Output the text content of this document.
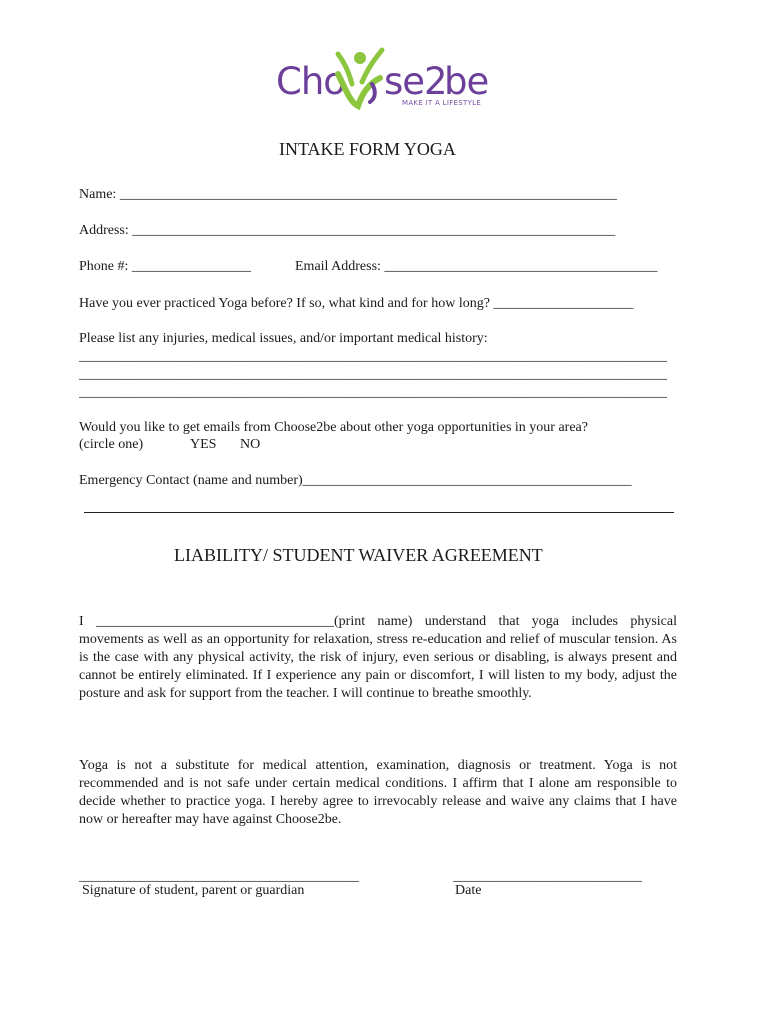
Cho se2
be
MAKE IT A LIFESTYLE
INTAKE FORM YOGA
Name: _______________________________________________________________________
Address: _____________________________________________________________________
Phone #: _________________	Email Address: _______________________________________
Have you ever practiced Yoga before? If so, what kind and for how long? ____________________
Please list any injuries, medical issues, and/or important medical history:
____________________________________________________________________________________
____________________________________________________________________________________
____________________________________________________________________________________
Would you like to get emails from Choose2be about other yoga opportunities in your area?
(circle one)	YES NO
Emergency Contact (name and number)_______________________________________________
LIABILITY/ STUDENT WAIVER AGREEMENT
I __________________________________(print name) understand that yoga includes physical movements as well as an opportunity for relaxation, stress re-education and relief of muscular tension. As is the case with any physical activity, the risk of injury, even serious or disabling, is always present and cannot be entirely eliminated. If I experience any pain or discomfort, I will listen to my body, adjust the posture and ask for support from the teacher. I will continue to breathe smoothly.
Yoga is not a substitute for medical attention, examination, diagnosis or treatment. Yoga is not recommended and is not safe under certain medical conditions. I affirm that I alone am responsible to decide whether to practice yoga. I hereby agree to irrevocably release and waive any claims that I have now or hereafter may have against Choose2be.
________________________________________
Signature of student, parent or guardian
___________________________
Date
